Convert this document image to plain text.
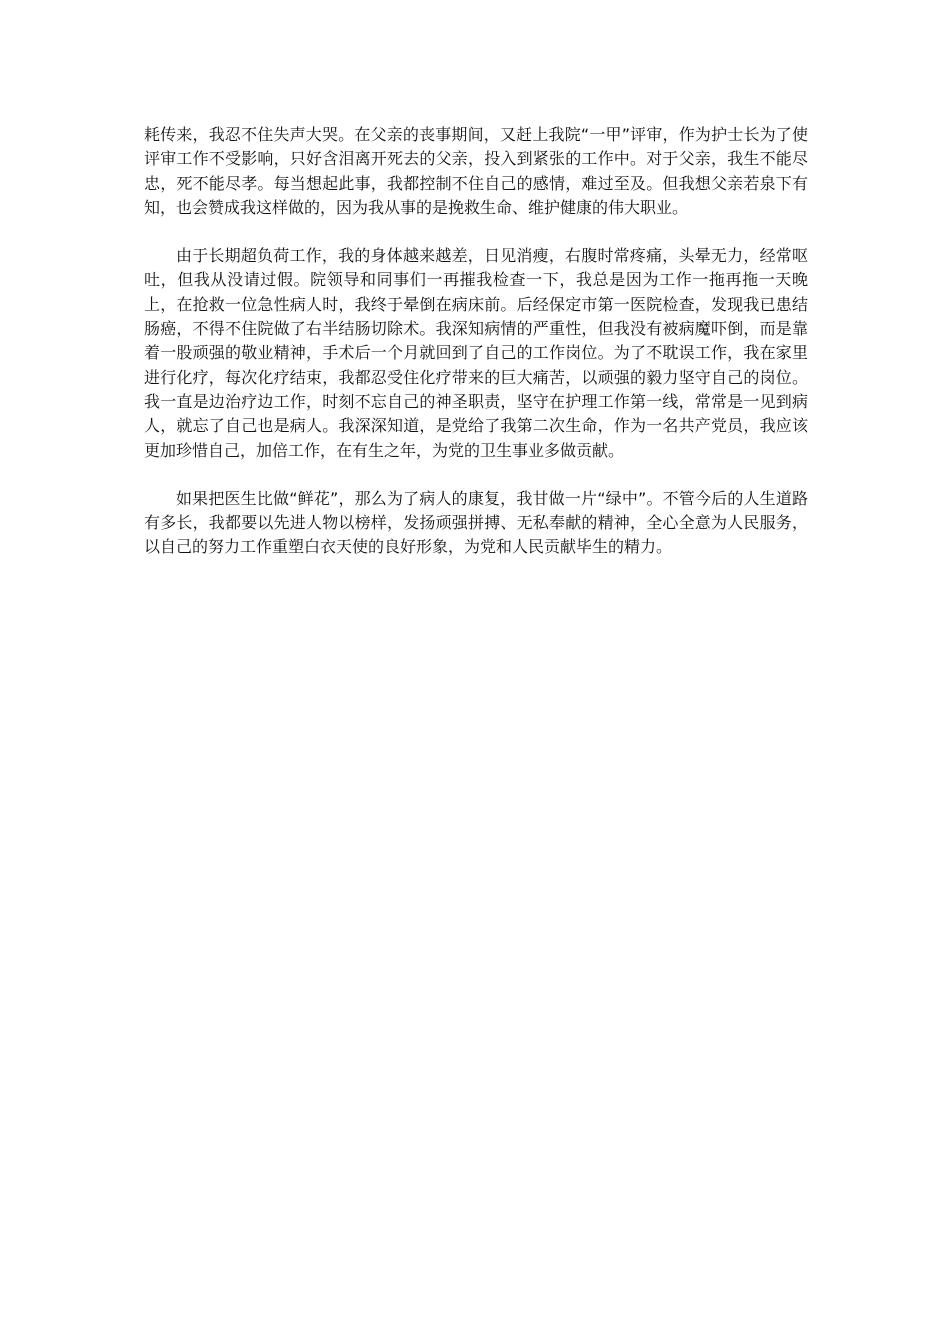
耗传来，我忍不住失声大哭。在父亲的丧事期间，又赶上我院“一甲”评审，作为护士长为了使评审工作不受影响，只好含泪离开死去的父亲，投入到紧张的工作中。对于父亲，我生不能尽忠，死不能尽孝。每当想起此事，我都控制不住自己的感情，难过至及。但我想父亲若泉下有知，也会赞成我这样做的，因为我从事的是挽救生命、维护健康的伟大职业。

由于长期超负荷工作，我的身体越来越差，日见消瘦，右腹时常疼痛，头晕无力，经常呕吐，但我从没请过假。院领导和同事们一再摧我检查一下，我总是因为工作一拖再拖一天晚上，在抢救一位急性病人时，我终于晕倒在病床前。后经保定市第一医院检查，发现我已患结肠癌，不得不住院做了右半结肠切除术。我深知病情的严重性，但我没有被病魔吓倒，而是靠着一股顽强的敬业精神，手术后一个月就回到了自己的工作岗位。为了不耽误工作，我在家里进行化疗，每次化疗结束，我都忍受住化疗带来的巨大痛苦，以顽强的毅力坚守自己的岗位。我一直是边治疗边工作，时刻不忘自己的神圣职责，坚守在护理工作第一线，常常是一见到病人，就忘了自己也是病人。我深深知道，是党给了我第二次生命，作为一名共产党员，我应该更加珍惜自己，加倍工作，在有生之年，为党的卫生事业多做贡献。

如果把医生比做“鲜花”，那么为了病人的康复，我甘做一片“绿中”。不管今后的人生道路有多长，我都要以先进人物以榜样，发扬顽强拼搏、无私奉献的精神，全心全意为人民服务，以自己的努力工作重塑白衣天使的良好形象，为党和人民贡献毕生的精力。
